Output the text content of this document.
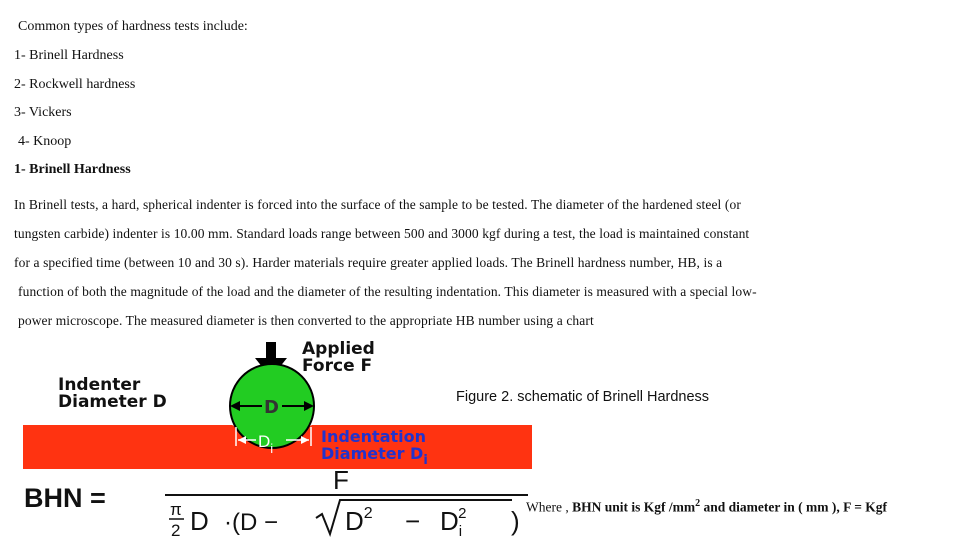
Common types of hardness tests include:

1- Brinell Hardness

2- Rockwell hardness

3- Vickers

4- Knoop

1- Brinell Hardness

In Brinell tests, a hard, spherical indenter is forced into the surface of the sample to be tested. The diameter of the hardened steel (or

tungsten carbide) indenter is 10.00 mm. Standard loads range between 500 and 3000 kgf during a test, the load is maintained constant

for a specified time (between 10 and 30 s). Harder materials require greater applied loads. The Brinell hardness number, HB, is a

function of both the magnitude of the load and the diameter of the resulting indentation. This diameter is measured with a special low-

power microscope. The measured diameter is then converted to the appropriate HB number using a chart

D
$D_i$
Applied
Force F
Indenter
Diameter D
Indentation
Diameter $D_i$
BHN =
F
π
2 D ·(D −	$D^2 - D_i2$ )
Figure 2. schematic of Brinell Hardness
Where , BHN unit is Kgf $/mm^2$ and diameter in ( mm ), F = Kgf
